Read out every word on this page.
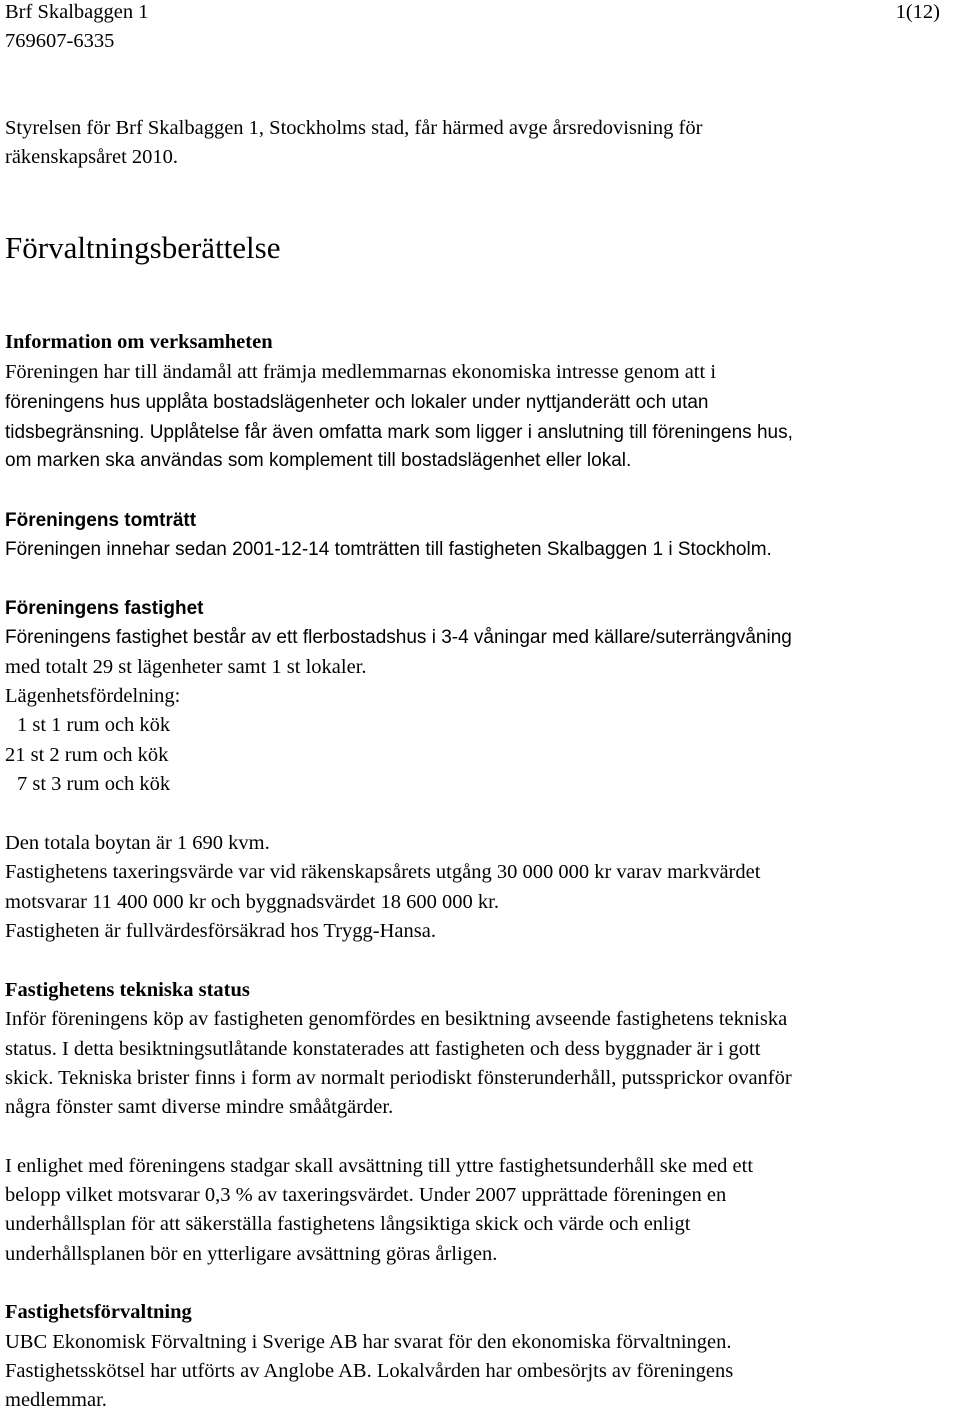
Brf Skalbaggen 1
769607-6335
1(12)
Styrelsen för Brf Skalbaggen 1, Stockholms stad, får härmed avge årsredovisning för
räkenskapsåret 2010.
Förvaltningsberättelse
Information om verksamheten
Föreningen har till ändamål att främja medlemmarnas ekonomiska intresse genom att i
föreningens hus upplåta bostadslägenheter och lokaler under nyttjanderätt och utan
tidsbegränsning. Upplåtelse får även omfatta mark som ligger i anslutning till föreningens hus,
om marken ska användas som komplement till bostadslägenhet eller lokal.
Föreningens tomträtt
Föreningen innehar sedan 2001-12-14 tomträtten till fastigheten Skalbaggen 1 i Stockholm.
Föreningens fastighet
Föreningens fastighet består av ett flerbostadshus i 3-4 våningar med källare/suterrängvåning
med totalt 29 st lägenheter samt 1 st lokaler.
Lägenhetsfördelning:
1 st 1 rum och kök
21 st 2 rum och kök
7 st 3 rum och kök
Den totala boytan är 1 690 kvm.
Fastighetens taxeringsvärde var vid räkenskapsårets utgång 30 000 000 kr varav markvärdet
motsvarar 11 400 000 kr och byggnadsvärdet 18 600 000 kr.
Fastigheten är fullvärdesförsäkrad hos Trygg-Hansa.
Fastighetens tekniska status
Inför föreningens köp av fastigheten genomfördes en besiktning avseende fastighetens tekniska
status. I detta besiktningsutlåtande konstaterades att fastigheten och dess byggnader är i gott
skick. Tekniska brister finns i form av normalt periodiskt fönsterunderhåll, putssprickor ovanför
några fönster samt diverse mindre smååtgärder.
I enlighet med föreningens stadgar skall avsättning till yttre fastighetsunderhåll ske med ett
belopp vilket motsvarar 0,3 % av taxeringsvärdet. Under 2007 upprättade föreningen en
underhållsplan för att säkerställa fastighetens långsiktiga skick och värde och enligt
underhållsplanen bör en ytterligare avsättning göras årligen.
Fastighetsförvaltning
UBC Ekonomisk Förvaltning i Sverige AB har svarat för den ekonomiska förvaltningen.
Fastighetsskötsel har utförts av Anglobe AB. Lokalvården har ombesörjts av föreningens
medlemmar.
